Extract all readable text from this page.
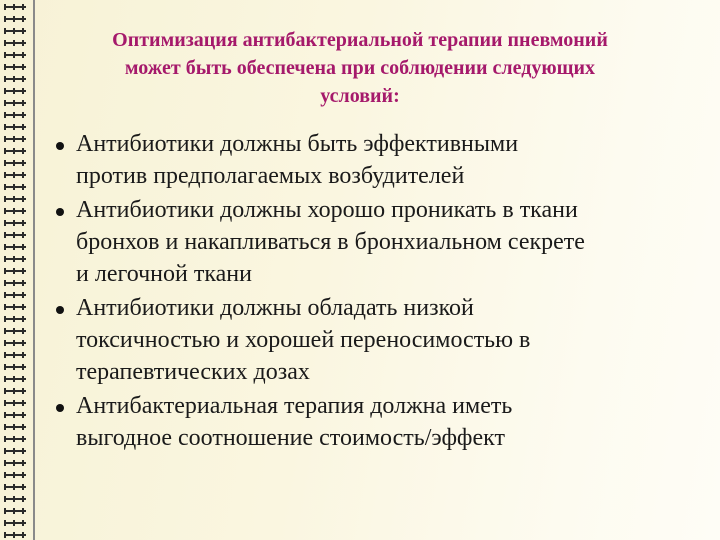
Оптимизация антибактериальной терапии пневмоний
может быть обеспечена при соблюдении следующих
условий:
Антибиотики должны быть эффективными
против предполагаемых возбудителей
Антибиотики должны хорошо проникать в ткани
бронхов и накапливаться в бронхиальном секрете
и легочной ткани
Антибиотики должны обладать низкой
токсичностью и хорошей переносимостью в
терапевтических дозах
Антибактериальная терапия должна иметь
выгодное соотношение стоимость/эффект
